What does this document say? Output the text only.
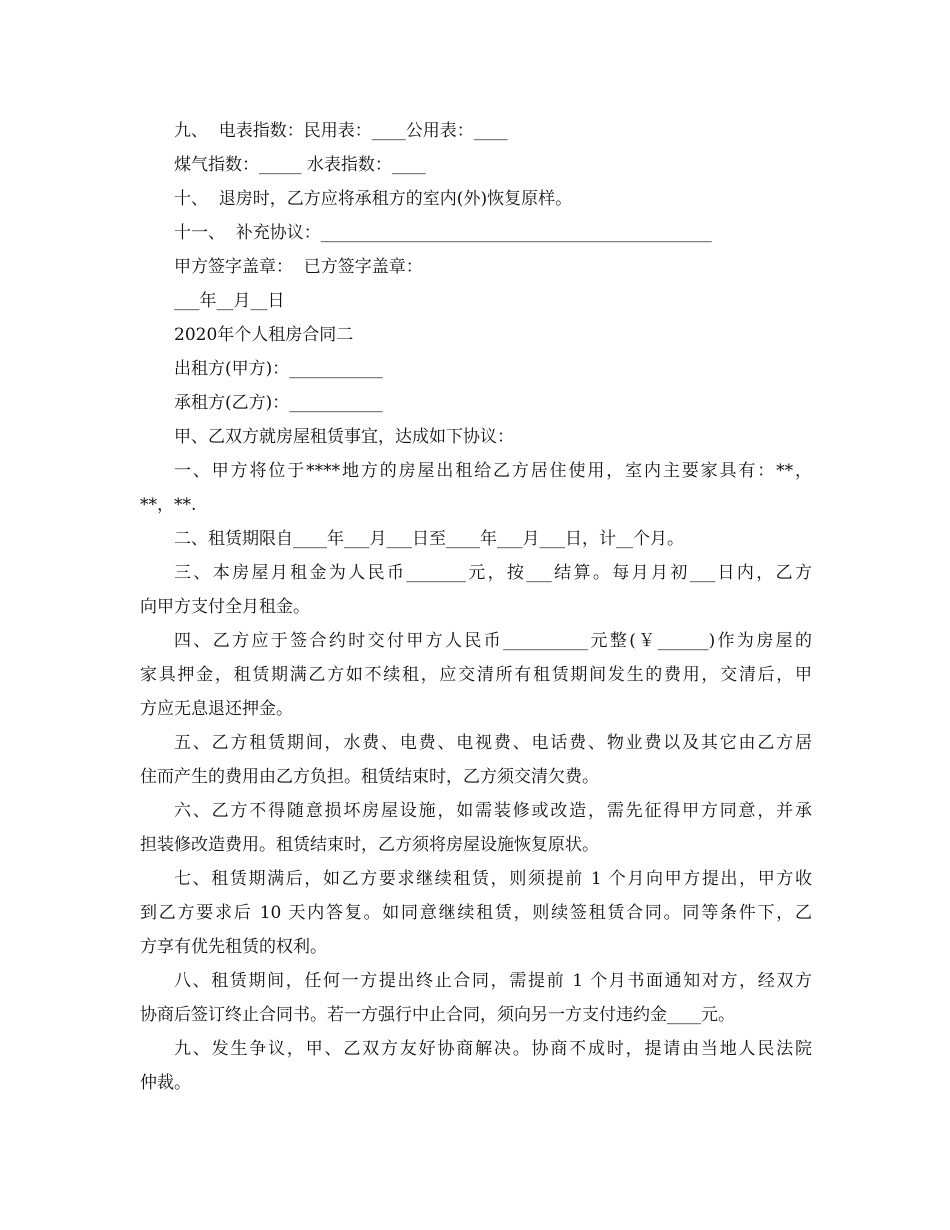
九、  电表指数：民用表：____公用表：____
煤气指数：_____ 水表指数：____
十、  退房时，乙方应将承租方的室内(外)恢复原样。
十一、  补充协议：______________________________________________
甲方签字盖章：  已方签字盖章：
___年__月__日
2020年个人租房合同二
出租方(甲方)：___________
承租方(乙方)：___________
甲、乙双方就房屋租赁事宜，达成如下协议：
一、甲方将位于****地方的房屋出租给乙方居住使用，室内主要家具有：**，
**，**.
二、租赁期限自____年___月___日至____年___月___日，计__个月。
三、本房屋月租金为人民币_______元，按___结算。每月月初___日内，乙方
向甲方支付全月租金。
四、乙方应于签合约时交付甲方人民币__________元整(￥______)作为房屋的
家具押金，租赁期满乙方如不续租，应交清所有租赁期间发生的费用，交清后，甲
方应无息退还押金。
五、乙方租赁期间，水费、电费、电视费、电话费、物业费以及其它由乙方居
住而产生的费用由乙方负担。租赁结束时，乙方须交清欠费。
六、乙方不得随意损坏房屋设施，如需装修或改造，需先征得甲方同意，并承
担装修改造费用。租赁结束时，乙方须将房屋设施恢复原状。
七、租赁期满后，如乙方要求继续租赁，则须提前 1 个月向甲方提出，甲方收
到乙方要求后 10 天内答复。如同意继续租赁，则续签租赁合同。同等条件下，乙
方享有优先租赁的权利。
八、租赁期间，任何一方提出终止合同，需提前 1 个月书面通知对方，经双方
协商后签订终止合同书。若一方强行中止合同，须向另一方支付违约金____元。
九、发生争议，甲、乙双方友好协商解决。协商不成时，提请由当地人民法院
仲裁。
